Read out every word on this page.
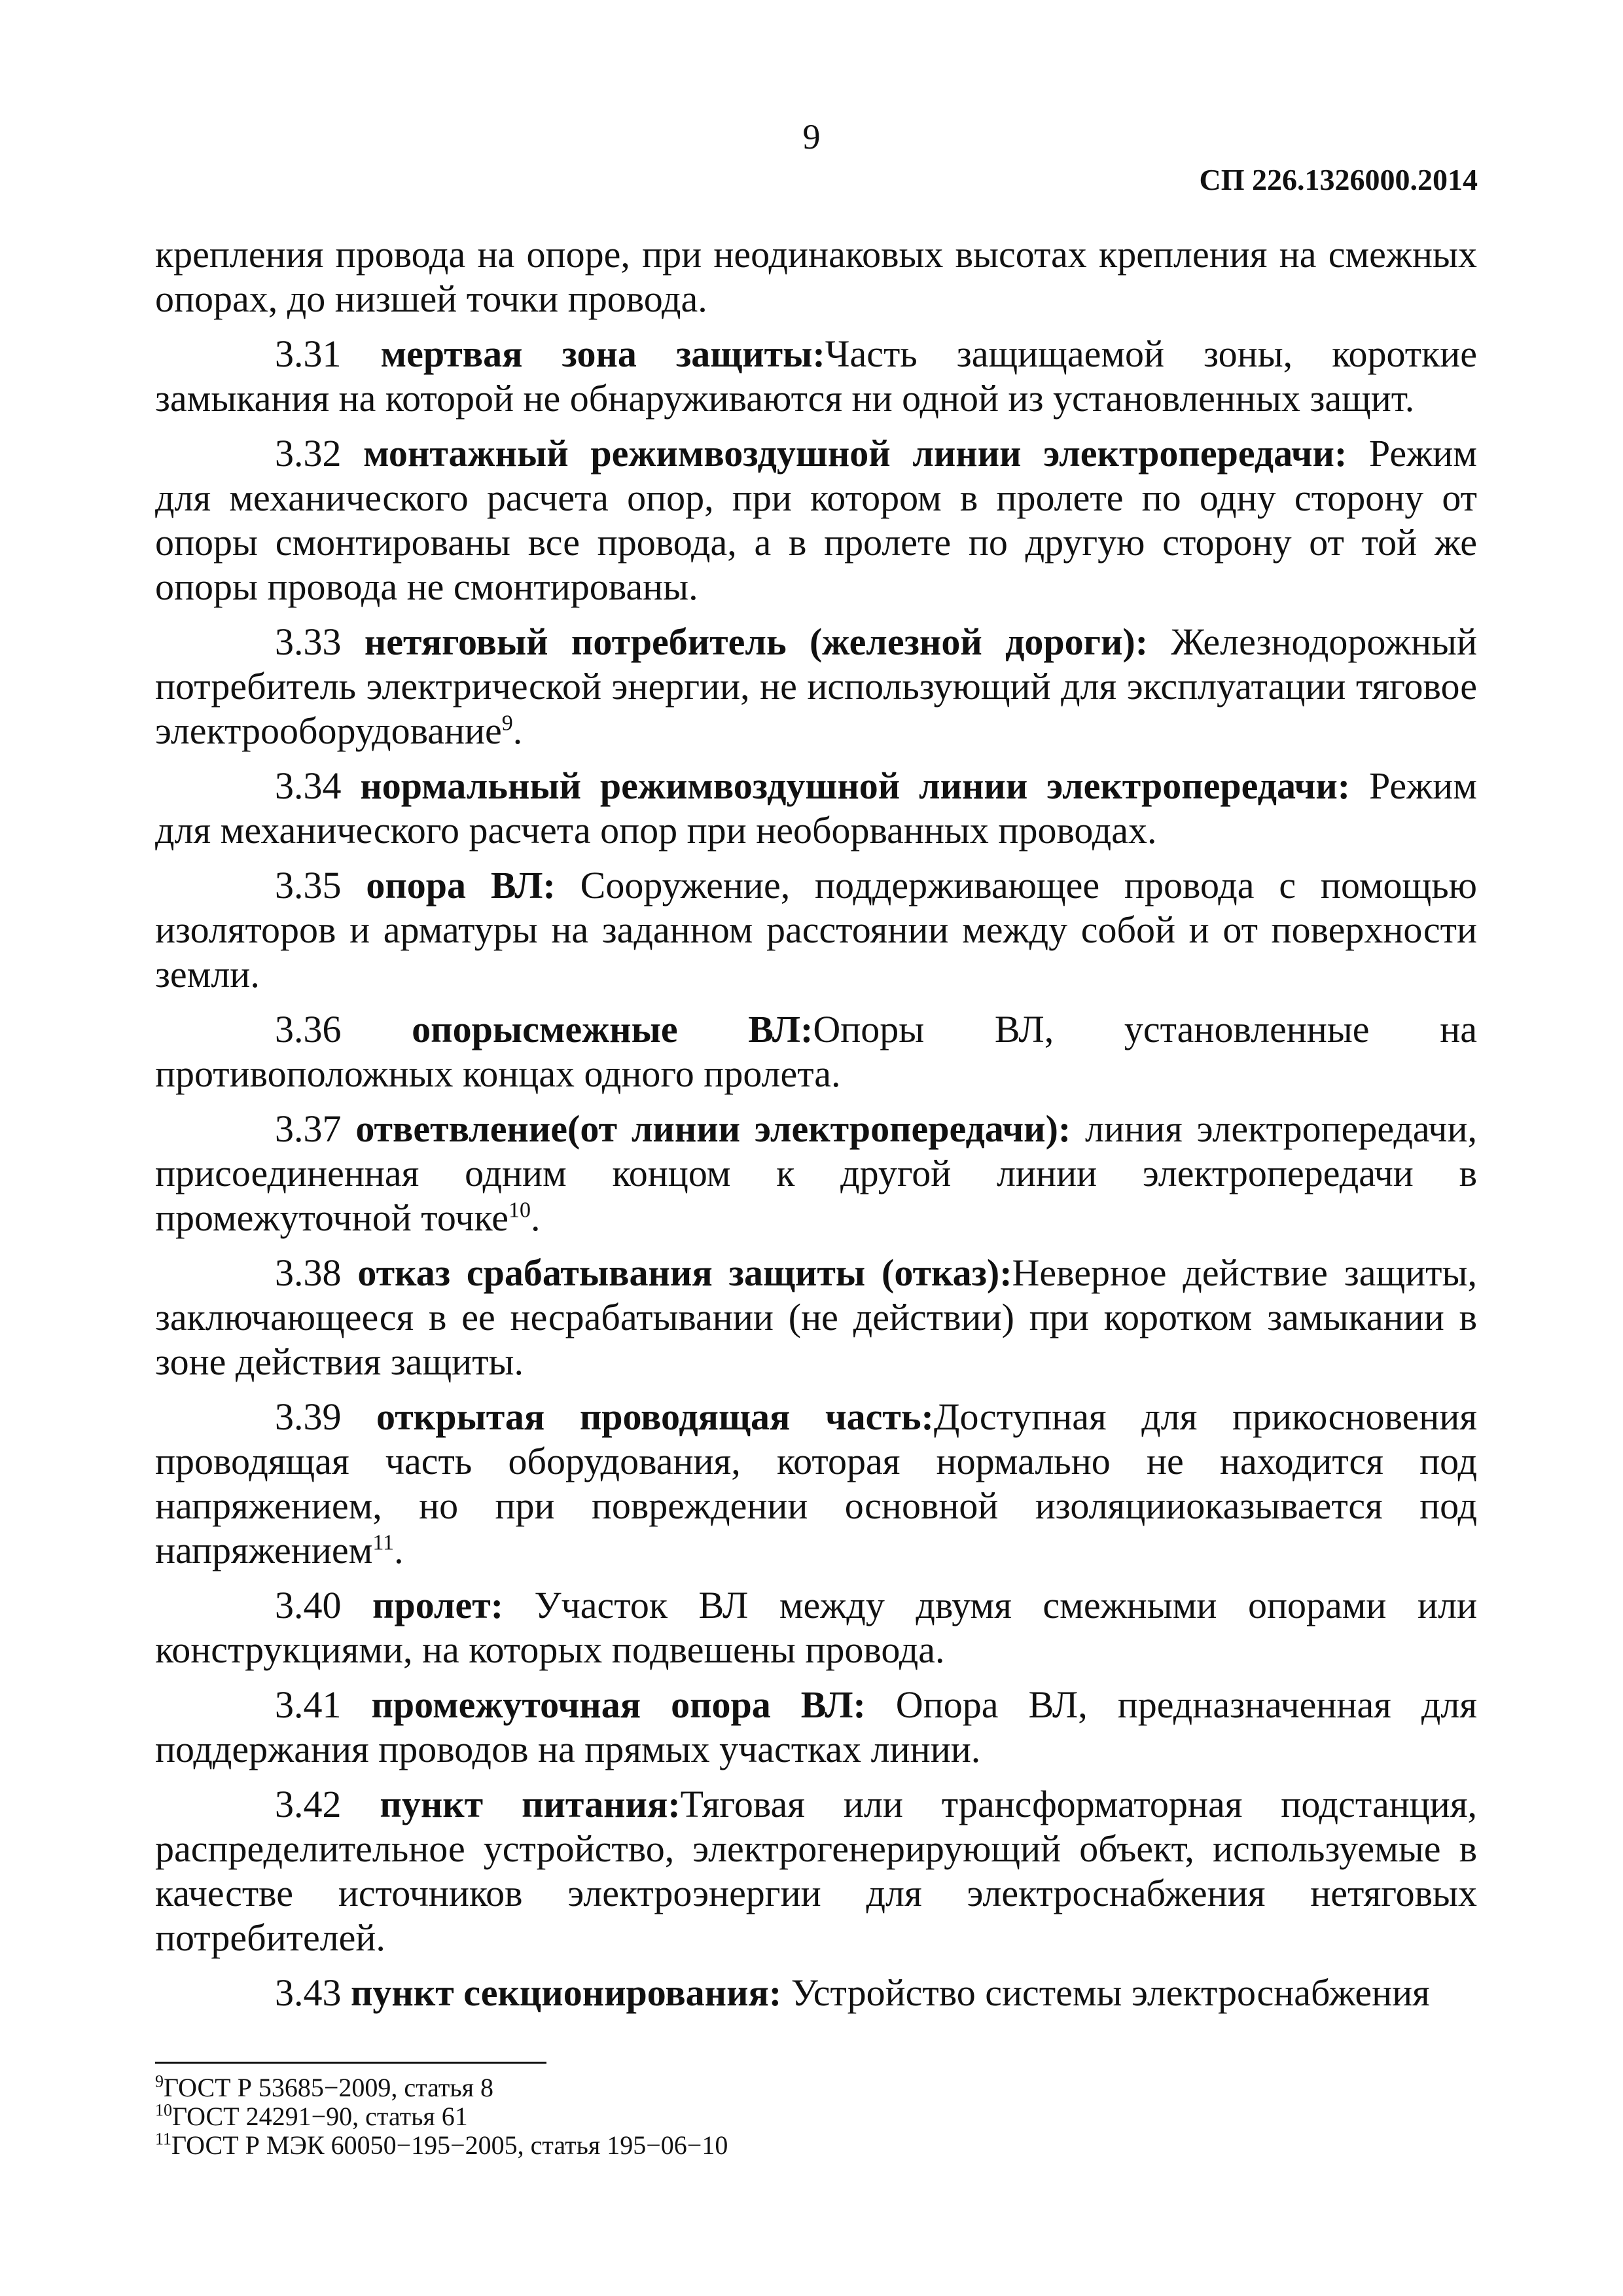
9
СП 226.1326000.2014

крепления провода на опоре, при неодинаковых высотах крепления на смежных опорах, до низшей точки провода.

3.31 мертвая зона защиты:Часть защищаемой зоны, короткие замыкания на которой не обнаруживаются ни одной из установленных защит.

3.32 монтажный режимвоздушной линии электропередачи: Режим для механического расчета опор, при котором в пролете по одну сторону от опоры смонтированы все провода, а в пролете по другую сторону от той же опоры провода не смонтированы.

3.33 нетяговый потребитель (железной дороги): Железнодорожный потребитель электрической энергии, не использующий для эксплуатации тяговое электрооборудование$^9$.

3.34 нормальный режимвоздушной линии электропередачи: Режим для механического расчета опор при необорванных проводах.

3.35 опора ВЛ: Сооружение, поддерживающее провода с помощью изоляторов и арматуры на заданном расстоянии между собой и от поверхности земли.

3.36 опорысмежные ВЛ:Опоры ВЛ, установленные на противоположных концах одного пролета.

3.37 ответвление(от линии электропередачи): линия электропередачи, присоединенная одним концом к другой линии электропередачи в промежуточной точке$^{10}$.

3.38 отказ срабатывания защиты (отказ):Неверное действие защиты, заключающееся в ее несрабатывании (не действии) при коротком замыкании в зоне действия защиты.

3.39 открытая проводящая часть:Доступная для прикосновения проводящая часть оборудования, которая нормально не находится под напряжением, но при повреждении основной изоляцииоказывается под напряжением$^{11}$.

3.40 пролет: Участок ВЛ между двумя смежными опорами или конструкциями, на которых подвешены провода.

3.41 промежуточная опора ВЛ: Опора ВЛ, предназначенная для поддержания проводов на прямых участках линии.

3.42 пункт питания:Тяговая или трансформаторная подстанция, распределительное устройство, электрогенерирующий объект, используемые в качестве источников электроэнергии для электроснабжения нетяговых потребителей.

3.43 пункт секционирования: Устройство системы электроснабжения

$^9$ГОСТ Р 53685−2009, статья 8

$^{10}$ГОСТ 24291−90, статья 61

$^{11}$ГОСТ Р МЭК 60050−195−2005, статья 195−06−10
